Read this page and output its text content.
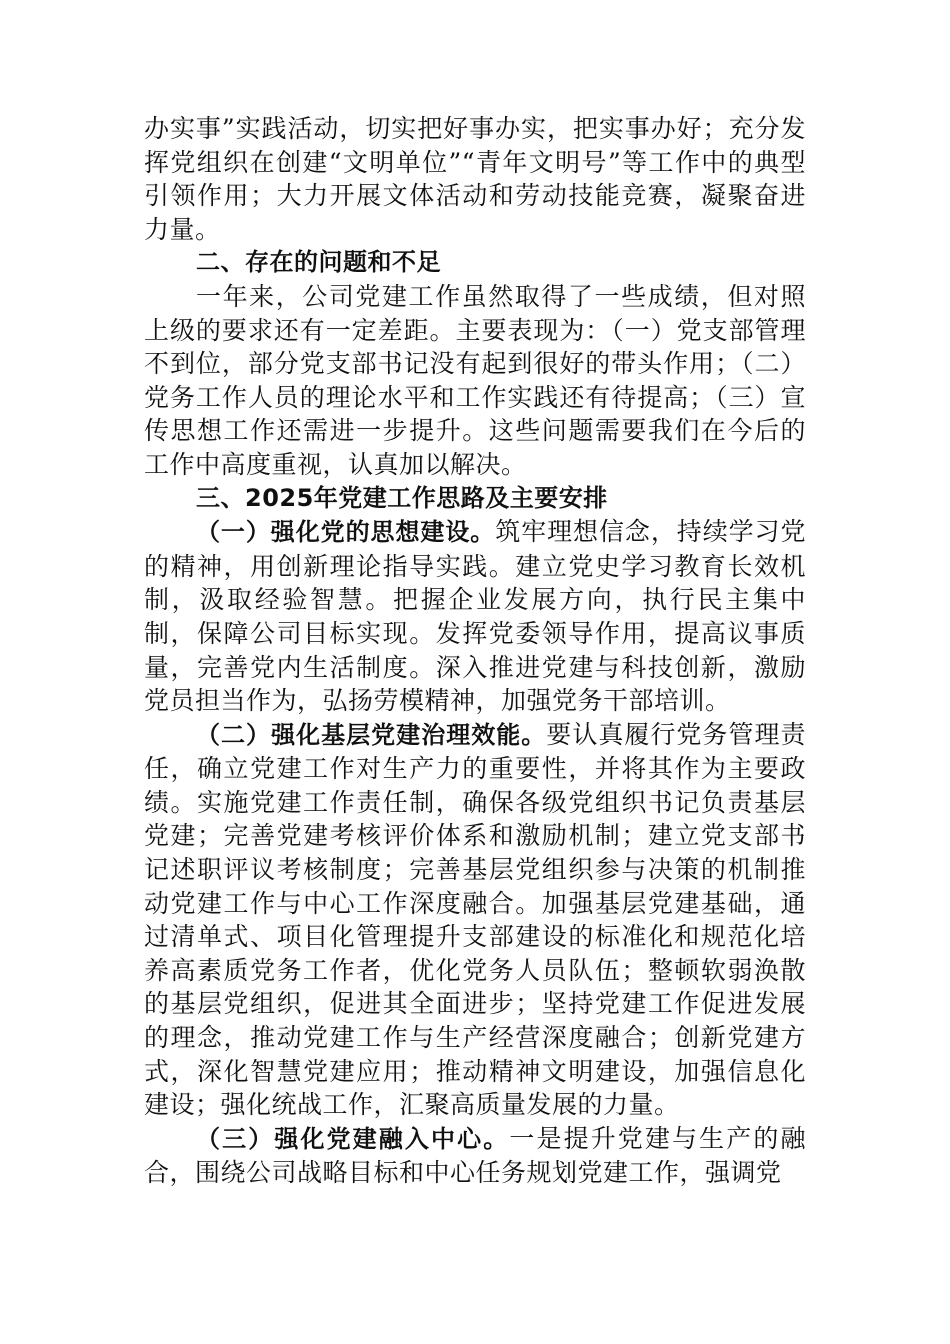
办实事”实践活动，切实把好事办实，把实事办好；充分发挥党组织在创建“文明单位”“青年文明号”等工作中的典型引领作用；大力开展文体活动和劳动技能竞赛，凝聚奋进力量。

二、存在的问题和不足

一年来，公司党建工作虽然取得了一些成绩，但对照上级的要求还有一定差距。主要表现为：（一）党支部管理不到位，部分党支部书记没有起到很好的带头作用；（二）党务工作人员的理论水平和工作实践还有待提高；（三）宣传思想工作还需进一步提升。这些问题需要我们在今后的工作中高度重视，认真加以解决。

三、2025年党建工作思路及主要安排

（一）强化党的思想建设。筑牢理想信念，持续学习党的精神，用创新理论指导实践。建立党史学习教育长效机制，汲取经验智慧。把握企业发展方向，执行民主集中制，保障公司目标实现。发挥党委领导作用，提高议事质量，完善党内生活制度。深入推进党建与科技创新，激励党员担当作为，弘扬劳模精神，加强党务干部培训。

（二）强化基层党建治理效能。要认真履行党务管理责任，确立党建工作对生产力的重要性，并将其作为主要政绩。实施党建工作责任制，确保各级党组织书记负责基层党建；完善党建考核评价体系和激励机制；建立党支部书记述职评议考核制度；完善基层党组织参与决策的机制推动党建工作与中心工作深度融合。加强基层党建基础，通过清单式、项目化管理提升支部建设的标准化和规范化培养高素质党务工作者，优化党务人员队伍；整顿软弱涣散的基层党组织，促进其全面进步；坚持党建工作促进发展的理念，推动党建工作与生产经营深度融合；创新党建方式，深化智慧党建应用；推动精神文明建设，加强信息化建设；强化统战工作，汇聚高质量发展的力量。

（三）强化党建融入中心。一是提升党建与生产的融合，围绕公司战略目标和中心任务规划党建工作，强调党
